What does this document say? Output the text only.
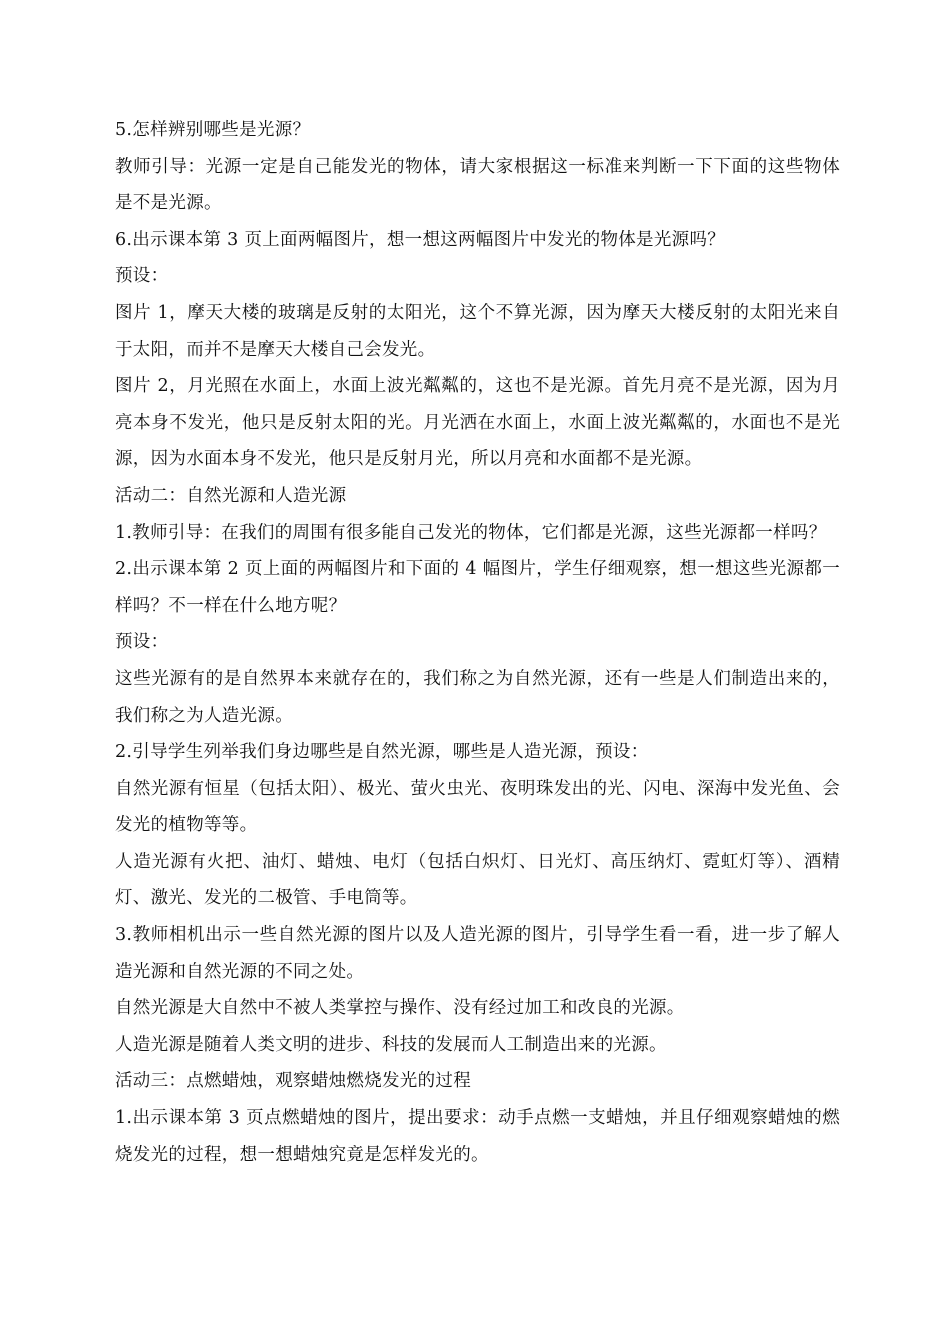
5.怎样辨别哪些是光源？

教师引导：光源一定是自己能发光的物体，请大家根据这一标准来判断一下下面的这些物体是不是光源。

6.出示课本第 3 页上面两幅图片，想一想这两幅图片中发光的物体是光源吗？

预设：

图片 1，摩天大楼的玻璃是反射的太阳光，这个不算光源，因为摩天大楼反射的太阳光来自于太阳，而并不是摩天大楼自己会发光。

图片 2，月光照在水面上，水面上波光粼粼的，这也不是光源。首先月亮不是光源，因为月亮本身不发光，他只是反射太阳的光。月光洒在水面上，水面上波光粼粼的，水面也不是光源，因为水面本身不发光，他只是反射月光，所以月亮和水面都不是光源。

活动二：自然光源和人造光源

1.教师引导：在我们的周围有很多能自己发光的物体，它们都是光源，这些光源都一样吗？

2.出示课本第 2 页上面的两幅图片和下面的 4 幅图片，学生仔细观察，想一想这些光源都一样吗？不一样在什么地方呢？

预设：

这些光源有的是自然界本来就存在的，我们称之为自然光源，还有一些是人们制造出来的，我们称之为人造光源。

2.引导学生列举我们身边哪些是自然光源，哪些是人造光源，预设：

自然光源有恒星（包括太阳）、极光、萤火虫光、夜明珠发出的光、闪电、深海中发光鱼、会发光的植物等等。

人造光源有火把、油灯、蜡烛、电灯（包括白炽灯、日光灯、高压纳灯、霓虹灯等）、酒精灯、激光、发光的二极管、手电筒等。

3.教师相机出示一些自然光源的图片以及人造光源的图片，引导学生看一看，进一步了解人造光源和自然光源的不同之处。

自然光源是大自然中不被人类掌控与操作、没有经过加工和改良的光源。

人造光源是随着人类文明的进步、科技的发展而人工制造出来的光源。

活动三：点燃蜡烛，观察蜡烛燃烧发光的过程

1.出示课本第 3 页点燃蜡烛的图片，提出要求：动手点燃一支蜡烛，并且仔细观察蜡烛的燃烧发光的过程，想一想蜡烛究竟是怎样发光的。
